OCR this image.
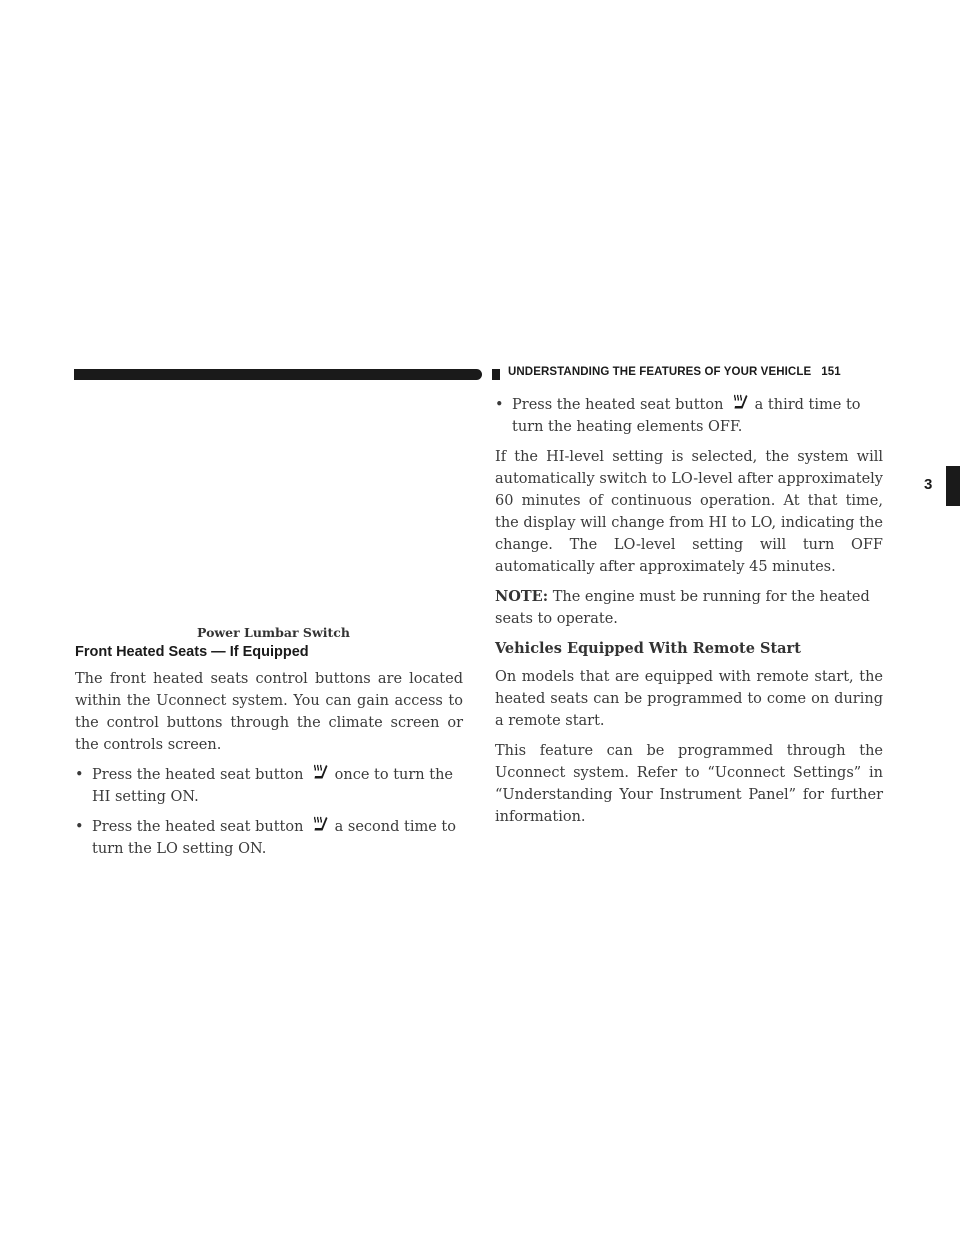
UNDERSTANDING THE FEATURES OF YOUR VEHICLE 151
3
Power Lumbar Switch
Front Heated Seats — If Equipped

The front heated seats control buttons are located within the Uconnect system. You can gain access to the control buttons through the climate screen or the controls screen.

• Press the heated seat button once to turn the HI setting ON.

• Press the heated seat button a second time to turn the LO setting ON.

• Press the heated seat button a third time to turn the heating elements OFF.

If the HI-level setting is selected, the system will automatically switch to LO-level after approximately 60 minutes of continuous operation. At that time, the display will change from HI to LO, indicating the change. The LO-level setting will turn OFF automatically after approximately 45 minutes.

NOTE: The engine must be running for the heated seats to operate.

Vehicles Equipped With Remote Start

On models that are equipped with remote start, the heated seats can be programmed to come on during a remote start.

This feature can be programmed through the Uconnect system. Refer to “Uconnect Settings” in “Understanding Your Instrument Panel” for further information.
